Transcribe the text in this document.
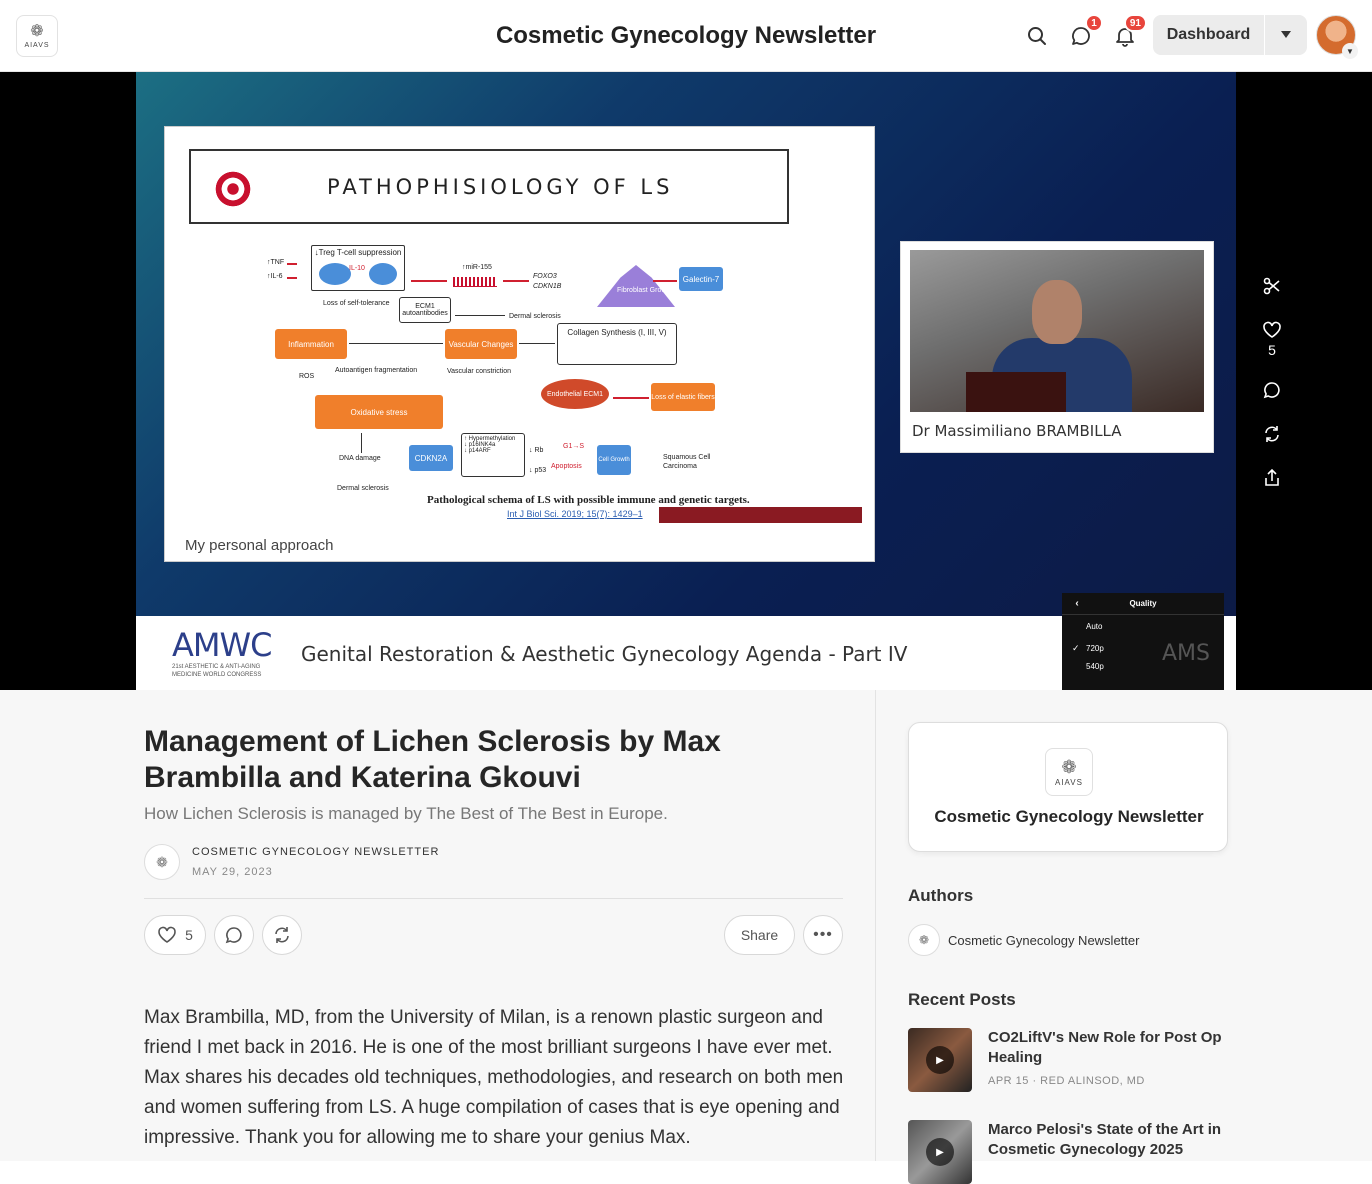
❁
AIAVS	Cosmetic Gynecology Newsletter	1	91
Dashboard
▼
PATHOPHISIOLOGY OF LS
↓Treg T-cell suppression
IL-10
↑TNF
↑IL-6
↑miR-155
FOXO3
CDKN1B
Fibroblast Growth
Galectin-7
Loss of self-tolerance	ECM1 autoantibodies	Dermal sclerosis
Inflammation	Vascular Changes
Collagen Synthesis (I, III, V)
ROS
Autoantigen fragmentation	Vascular constriction
Endothelial ECM1	Loss of elastic fibers
Oxidative stress
DNA damage
Dermal sclerosis
CDKN2A
↑ Hypermethylation
↓ p16INK4a
↓ p14ARF	↓ Rb
↓ p53
G1→S
Apoptosis
Cell Growth	Squamous Cell Carcinoma
Pathological schema of LS with possible immune and genetic targets.
Int J Biol Sci. 2019; 15(7): 1429–1
My personal approach
Dr Massimiliano BRAMBILLA
AMWC
21st AESTHETIC & ANTI-AGING MEDICINE WORLD CONGRESS
Genital Restoration & Aesthetic Gynecology Agenda - Part IV
‹	Quality
Auto
✓ 720p
540p	AMS
5
Management of Lichen Sclerosis by Max Brambilla and Katerina Gkouvi
How Lichen Sclerosis is managed by The Best of The Best in Europe.
❁
COSMETIC GYNECOLOGY NEWSLETTER
MAY 29, 2023
5	Share	•••

Max Brambilla, MD, from the University of Milan, is a renown plastic surgeon and friend I met back in 2016. He is one of the most brilliant surgeons I have ever met. Max shares his decades old techniques, methodologies, and research on both men and women suffering from LS. A huge compilation of cases that is eye opening and impressive. Thank you for allowing me to share your genius Max.

❁
AIAVS
Cosmetic Gynecology Newsletter
Authors
❁	Cosmetic Gynecology Newsletter
Recent Posts
▶
CO2LiftV's New Role for Post Op Healing
APR 15 · RED ALINSOD, MD
▶
Marco Pelosi's State of the Art in Cosmetic Gynecology 2025
